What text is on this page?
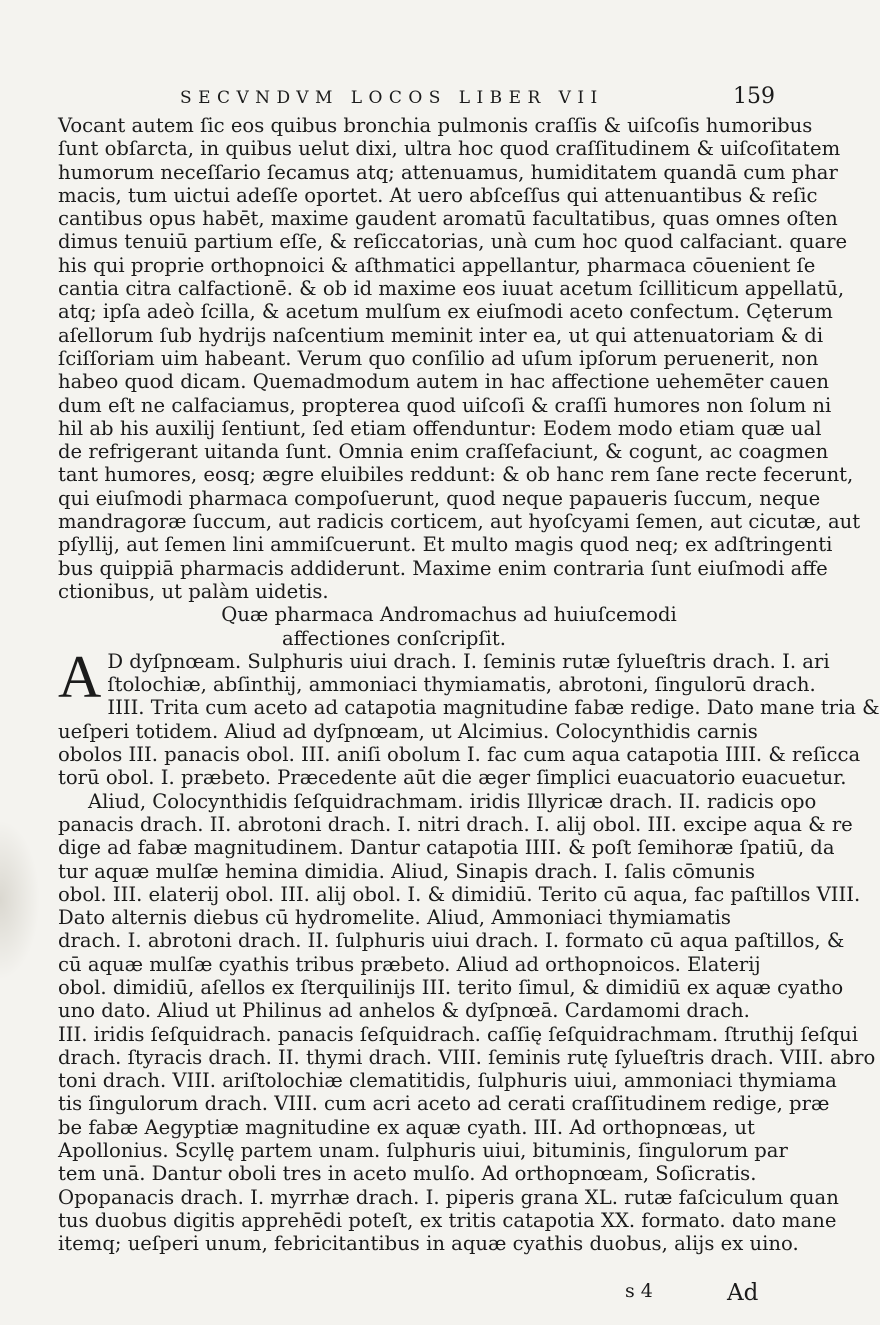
SECVNDVM LOCOS LIBER VII	159
Vocant autem ſic eos quibus bronchia pulmonis craſſis & uiſcoſis humoribus
ſunt obſarcta, in quibus uelut dixi, ultra hoc quod craſſitudinem & uiſcoſitatem
humorum neceſſario ſecamus atq; attenuamus, humiditatem quandā cum phar
macis, tum uictui adeſſe oportet. At uero abſceſſus qui attenuantibus & reſic
cantibus opus habēt, maxime gaudent aromatū facultatibus, quas omnes oſten
dimus tenuiū partium eſſe, & reſiccatorias, unà cum hoc quod calfaciant. quare
his qui proprie orthopnoici & aſthmatici appellantur, pharmaca cōuenient ſe
cantia citra calfactionē. & ob id maxime eos iuuat acetum ſcilliticum appellatū,
atq; ipſa adeò ſcilla, & acetum mulſum ex eiuſmodi aceto confectum. Cęterum
aſellorum ſub hydrijs naſcentium meminit inter ea, ut qui attenuatoriam & di
ſciſſoriam uim habeant. Verum quo conſilio ad uſum ipſorum peruenerit, non
habeo quod dicam. Quemadmodum autem in hac affectione uehemēter cauen
dum eſt ne calfaciamus, propterea quod uiſcoſi & craſſi humores non ſolum ni
hil ab his auxilij ſentiunt, ſed etiam offenduntur: Eodem modo etiam quæ ual
de refrigerant uitanda ſunt. Omnia enim craſſefaciunt, & cogunt, ac coagmen
tant humores, eosq; ægre eluibiles reddunt: & ob hanc rem ſane recte fecerunt,
qui eiuſmodi pharmaca compoſuerunt, quod neque papaueris ſuccum, neque
mandragoræ ſuccum, aut radicis corticem, aut hyoſcyami ſemen, aut cicutæ, aut
pſyllij, aut ſemen lini ammiſcuerunt. Et multo magis quod neq; ex adſtringenti
bus quippiā pharmacis addiderunt. Maxime enim contraria ſunt eiuſmodi affe
ctionibus, ut palàm uidetis.
Quæ pharmaca Andromachus ad huiuſcemodi
affectiones conſcripſit.
A D dyſpnœam. Sulphuris uiui drach. I. ſeminis rutæ ſylueſtris drach. I. ari
ſtolochiæ, abſinthij, ammoniaci thymiamatis, abrotoni, ſingulorū drach.
IIII. Trita cum aceto ad catapotia magnitudine fabæ redige. Dato mane tria &
ueſperi totidem. Aliud ad dyſpnœam, ut Alcimius. Colocynthidis carnis
obolos III. panacis obol. III. aniſi obolum I. fac cum aqua catapotia IIII. & reſicca
torū obol. I. præbeto. Præcedente aūt die æger ſimplici euacuatorio euacuetur.
Aliud, Colocynthidis ſeſquidrachmam. iridis Illyricæ drach. II. radicis opo
panacis drach. II. abrotoni drach. I. nitri drach. I. alij obol. III. excipe aqua & re
dige ad fabæ magnitudinem. Dantur catapotia IIII. & poſt ſemihoræ ſpatiū, da
tur aquæ mulſæ hemina dimidia. Aliud, Sinapis drach. I. ſalis cōmunis
obol. III. elaterij obol. III. alij obol. I. & dimidiū. Terito cū aqua, fac paſtillos VIII.
Dato alternis diebus cū hydromelite. Aliud, Ammoniaci thymiamatis
drach. I. abrotoni drach. II. ſulphuris uiui drach. I. formato cū aqua paſtillos, &
cū aquæ mulſæ cyathis tribus præbeto. Aliud ad orthopnoicos. Elaterij
obol. dimidiū, aſellos ex ſterquilinijs III. terito ſimul, & dimidiū ex aquæ cyatho
uno dato. Aliud ut Philinus ad anhelos & dyſpnœā. Cardamomi drach.
III. iridis ſeſquidrach. panacis ſeſquidrach. caſſię ſeſquidrachmam. ſtruthij ſeſqui
drach. ſtyracis drach. II. thymi drach. VIII. ſeminis rutę ſylueſtris drach. VIII. abro
toni drach. VIII. ariſtolochiæ clematitidis, ſulphuris uiui, ammoniaci thymiama
tis ſingulorum drach. VIII. cum acri aceto ad cerati craſſitudinem redige, præ
be fabæ Aegyptiæ magnitudine ex aquæ cyath. III. Ad orthopnœas, ut
Apollonius. Scyllę partem unam. ſulphuris uiui, bituminis, ſingulorum par
tem unā. Dantur oboli tres in aceto mulſo. Ad orthopnœam, Soſicratis.
Opopanacis drach. I. myrrhæ drach. I. piperis grana XL. rutæ faſciculum quan
tus duobus digitis apprehēdi poteſt, ex tritis catapotia XX. formato. dato mane
itemq; ueſperi unum, febricitantibus in aquæ cyathis duobus, alijs ex uino.
s 4	Ad
